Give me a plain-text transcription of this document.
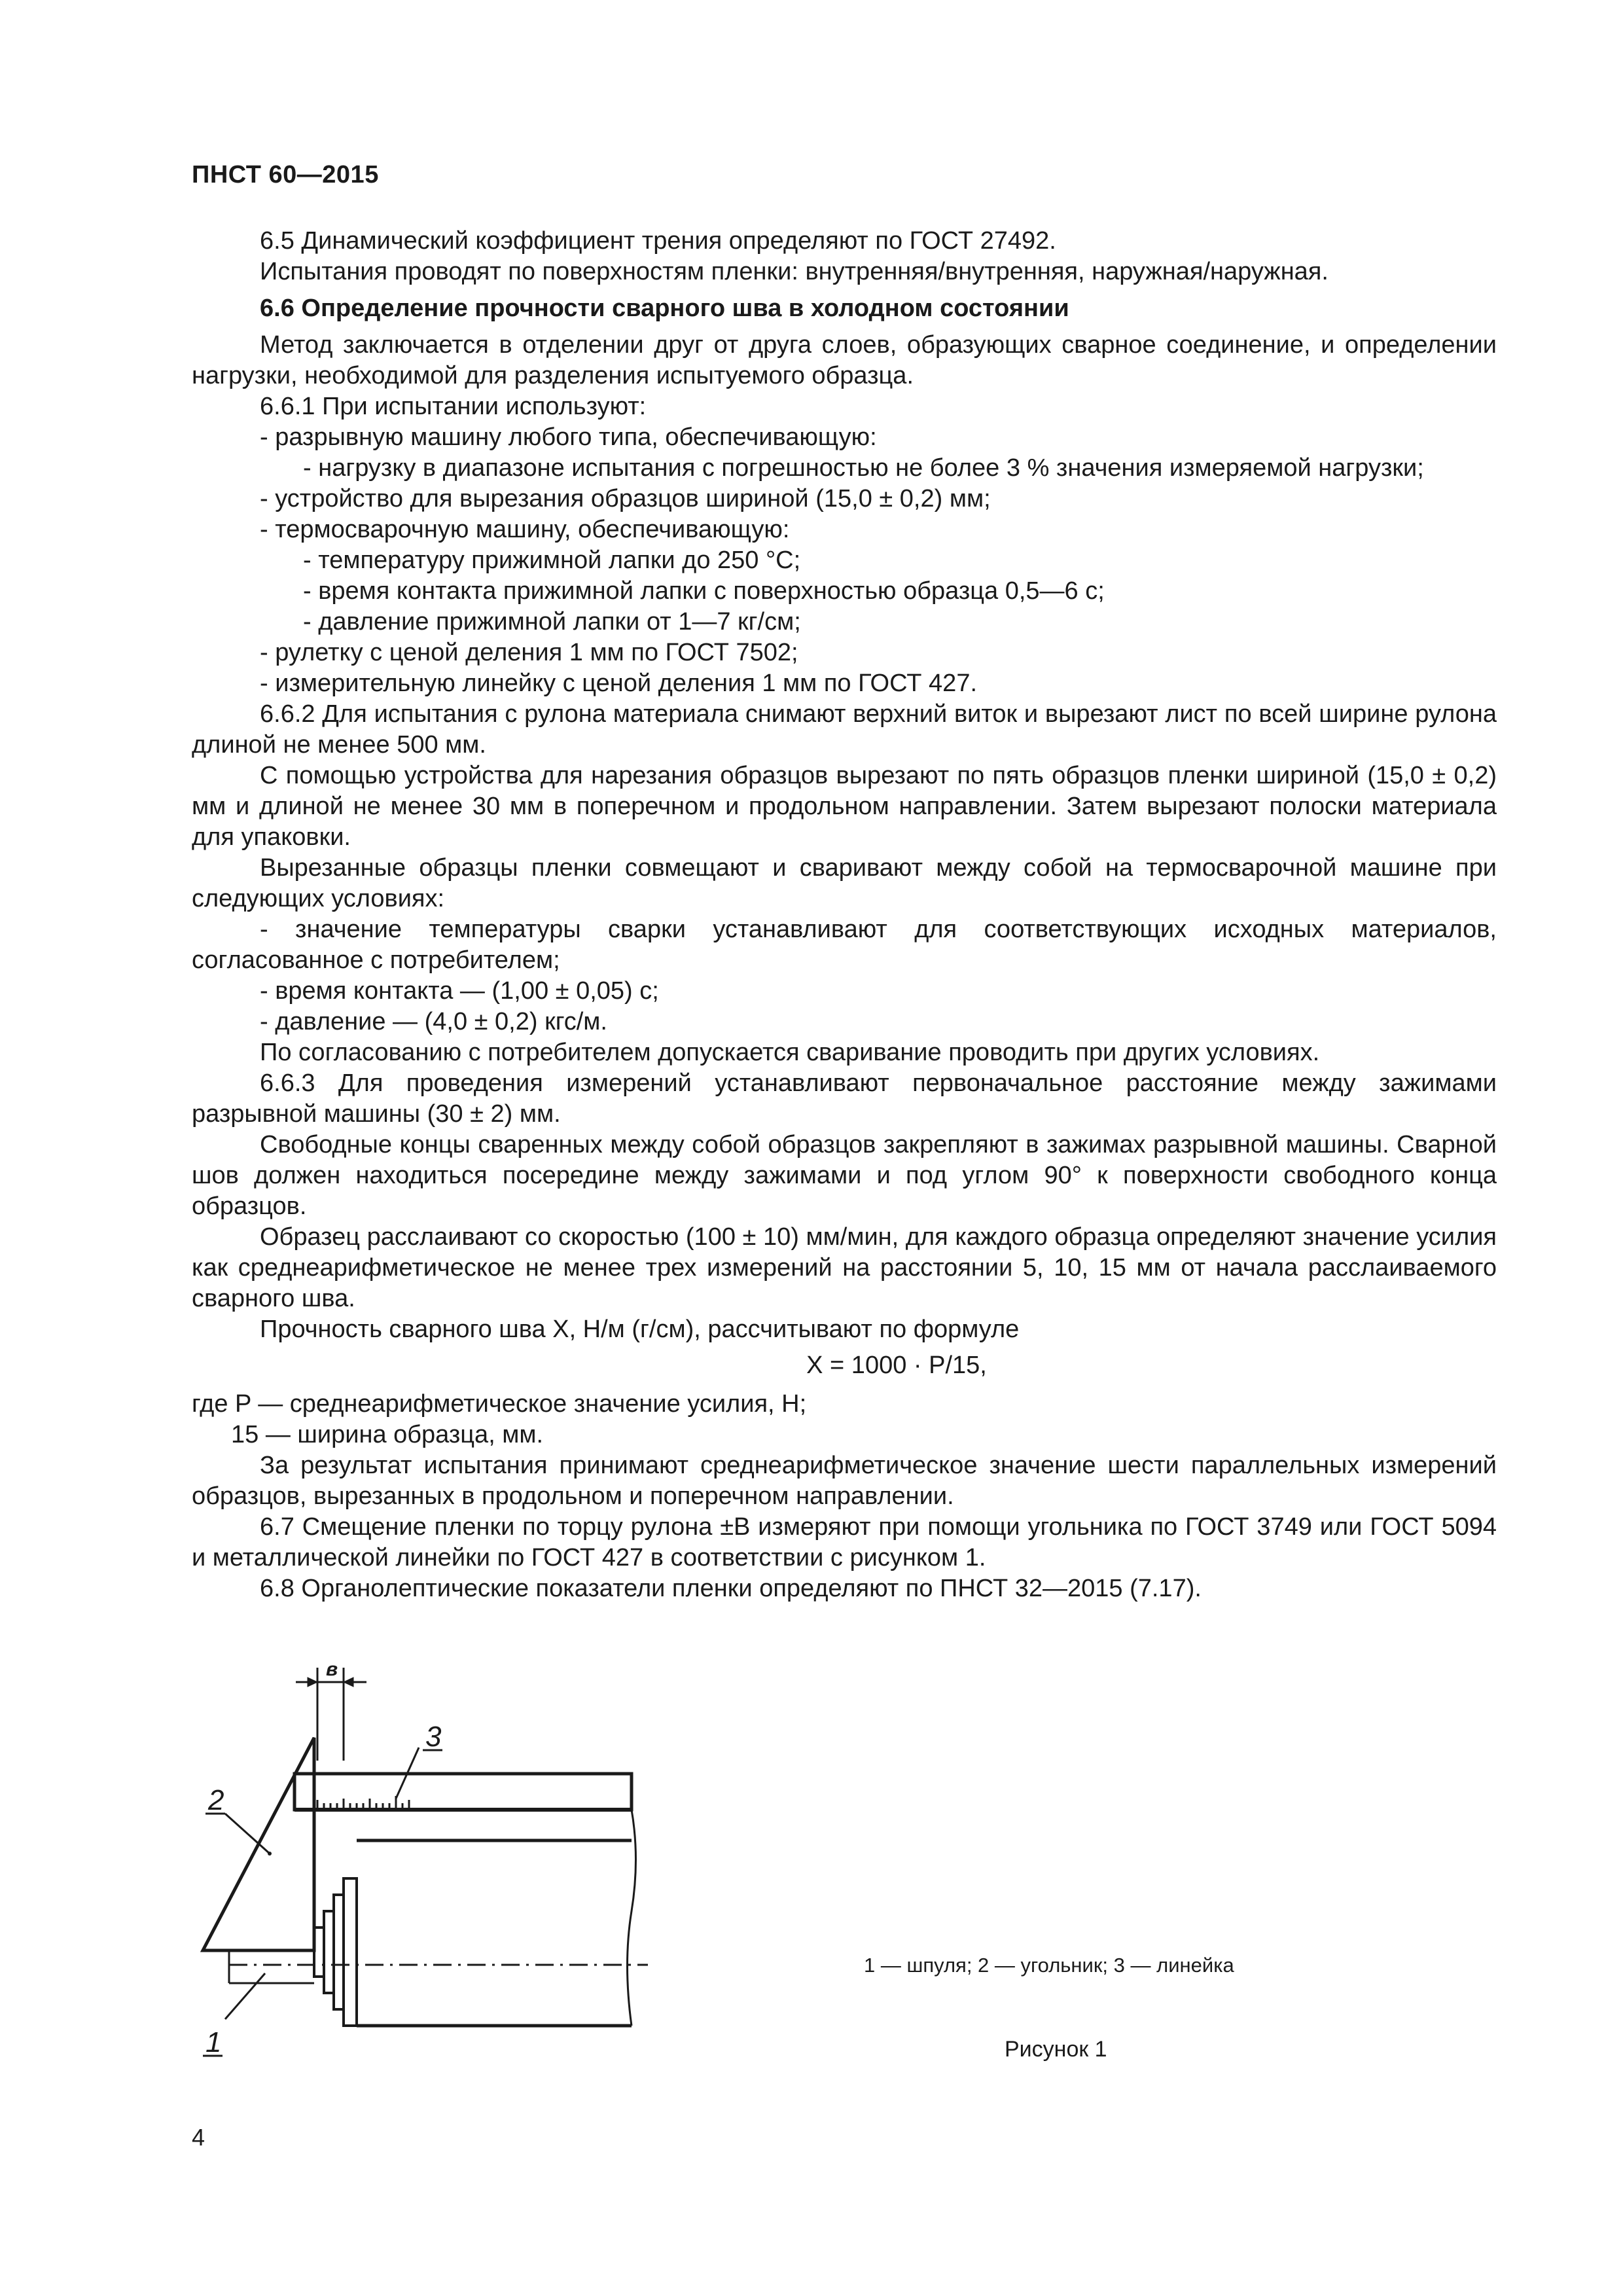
ПНСТ 60—2015

6.5 Динамический коэффициент трения определяют по ГОСТ 27492.

Испытания проводят по поверхностям пленки: внутренняя/внутренняя, наружная/наружная.

6.6 Определение прочности сварного шва в холодном состоянии

Метод заключается в отделении друг от друга слоев, образующих сварное соединение, и определении нагрузки, необходимой для разделения испытуемого образца.

6.6.1 При испытании используют:

- разрывную машину любого типа, обеспечивающую:

- нагрузку в диапазоне испытания с погрешностью не более 3 % значения измеряемой нагрузки;

- устройство для вырезания образцов шириной (15,0 ± 0,2) мм;

- термосварочную машину, обеспечивающую:

- температуру прижимной лапки до 250 °С;

- время контакта прижимной лапки с поверхностью образца 0,5—6 с;

- давление прижимной лапки от 1—7 кг/см;

- рулетку с ценой деления 1 мм по ГОСТ 7502;

- измерительную линейку с ценой деления 1 мм по ГОСТ 427.

6.6.2 Для испытания с рулона материала снимают верхний виток и вырезают лист по всей ширине рулона длиной не менее 500 мм.

С помощью устройства для нарезания образцов вырезают по пять образцов пленки шириной (15,0 ± 0,2) мм и длиной не менее 30 мм в поперечном и продольном направлении. Затем вырезают полоски материала для упаковки.

Вырезанные образцы пленки совмещают и сваривают между собой на термосварочной машине при следующих условиях:

- значение температуры сварки устанавливают для соответствующих исходных материалов, согласованное с потребителем;

- время контакта — (1,00 ± 0,05) с;

- давление — (4,0 ± 0,2) кгс/м.

По согласованию с потребителем допускается сваривание проводить при других условиях.

6.6.3 Для проведения измерений устанавливают первоначальное расстояние между зажимами разрывной машины (30 ± 2) мм.

Свободные концы сваренных между собой образцов закрепляют в зажимах разрывной машины. Сварной шов должен находиться посередине между зажимами и под углом 90° к поверхности свободного конца образцов.

Образец расслаивают со скоростью (100 ± 10) мм/мин, для каждого образца определяют значение усилия как среднеарифметическое не менее трех измерений на расстоянии 5, 10, 15 мм от начала расслаиваемого сварного шва.

Прочность сварного шва X, Н/м (г/см), рассчитывают по формуле

X = 1000 · P/15,

где P — среднеарифметическое значение усилия, Н;

15 — ширина образца, мм.

За результат испытания принимают среднеарифметическое значение шести параллельных измерений образцов, вырезанных в продольном и поперечном направлении.

6.7 Смещение пленки по торцу рулона ±B измеряют при помощи угольника по ГОСТ 3749 или ГОСТ 5094 и металлической линейки по ГОСТ 427 в соответствии с рисунком 1.

6.8 Органолептические показатели пленки определяют по ПНСТ 32—2015 (7.17).

в
3
2
1
1 — шпуля; 2 — угольник; 3 — линейка
Рисунок 1
4
